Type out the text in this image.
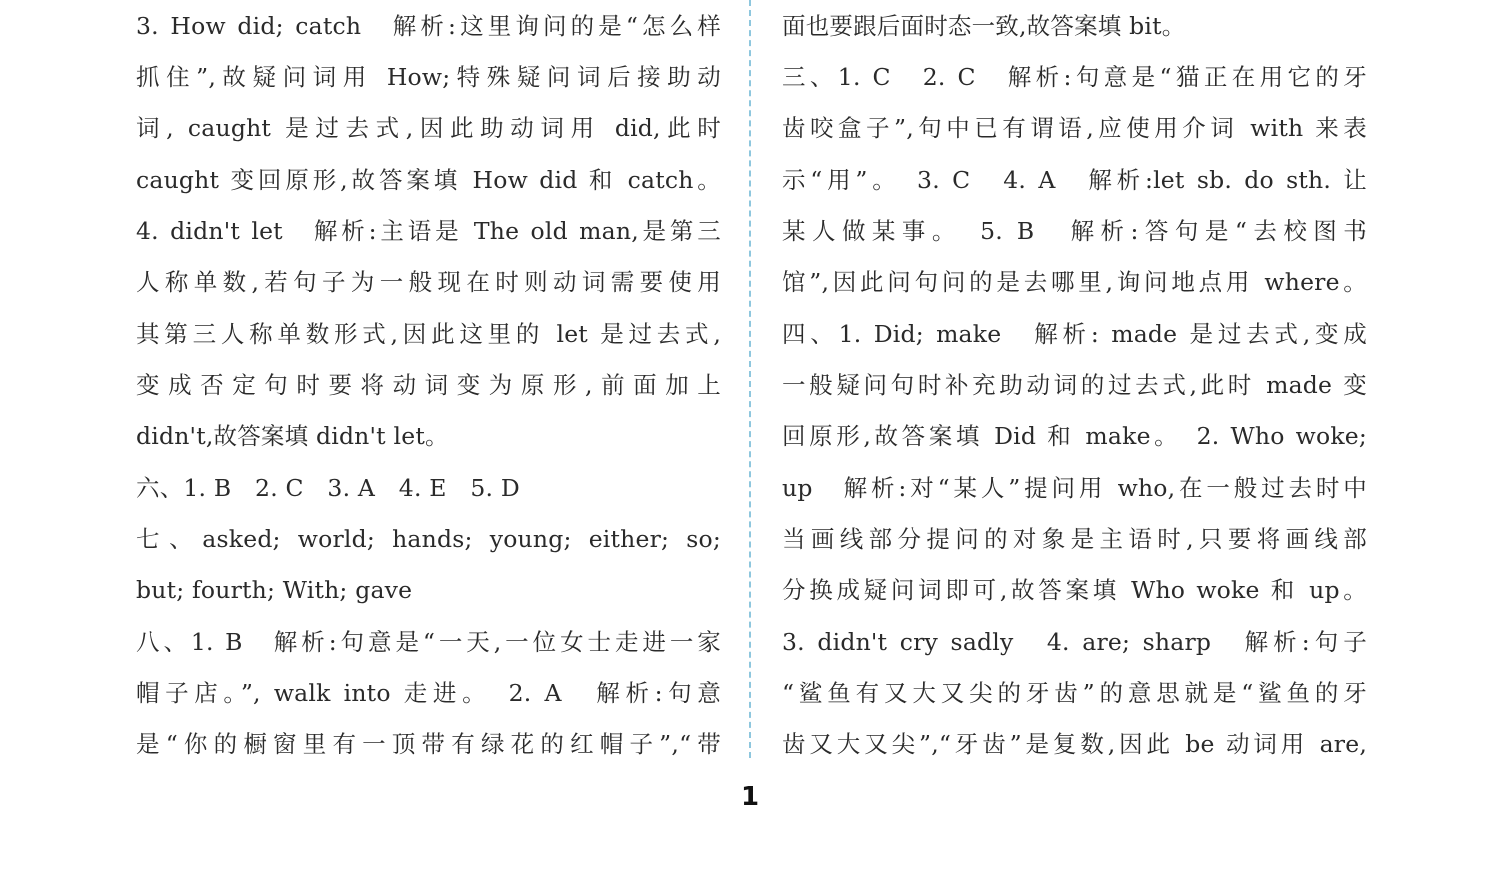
3. How did; catch　解析:这里询问的是“怎么样
抓住”,故疑问词用 How;特殊疑问词后接助动
词, caught 是过去式,因此助动词用 did,此时
caught 变回原形,故答案填 How did 和 catch。
4. didn't let　解析:主语是 The old man,是第三
人称单数,若句子为一般现在时则动词需要使用
其第三人称单数形式,因此这里的 let 是过去式,
变成否定句时要将动词变为原形,前面加上
didn't,故答案填 didn't let。
六、1. B　2. C　3. A　4. E　5. D
七、asked; world; hands; young; either; so;
but; fourth; With; gave
八、1. B　解析:句意是“一天,一位女士走进一家
帽子店。”, walk into 走进。　2. A　解析:句意
是“你的橱窗里有一顶带有绿花的红帽子”,“带
面也要跟后面时态一致,故答案填 bit。
三、1. C　2. C　解析:句意是“猫正在用它的牙
齿咬盒子”,句中已有谓语,应使用介词 with 来表
示“用”。　3. C　4. A　解析:let sb. do sth. 让
某人做某事。　5. B　解析:答句是“去校图书
馆”,因此问句问的是去哪里,询问地点用 where。
四、1. Did; make　解析: made 是过去式,变成
一般疑问句时补充助动词的过去式,此时 made 变
回原形,故答案填 Did 和 make。　2. Who woke;
up　解析:对“某人”提问用 who,在一般过去时中
当画线部分提问的对象是主语时,只要将画线部
分换成疑问词即可,故答案填 Who woke 和 up。
3. didn't cry sadly　4. are; sharp　解析:句子
“鲨鱼有又大又尖的牙齿”的意思就是“鲨鱼的牙
齿又大又尖”,“牙齿”是复数,因此 be 动词用 are,
1
